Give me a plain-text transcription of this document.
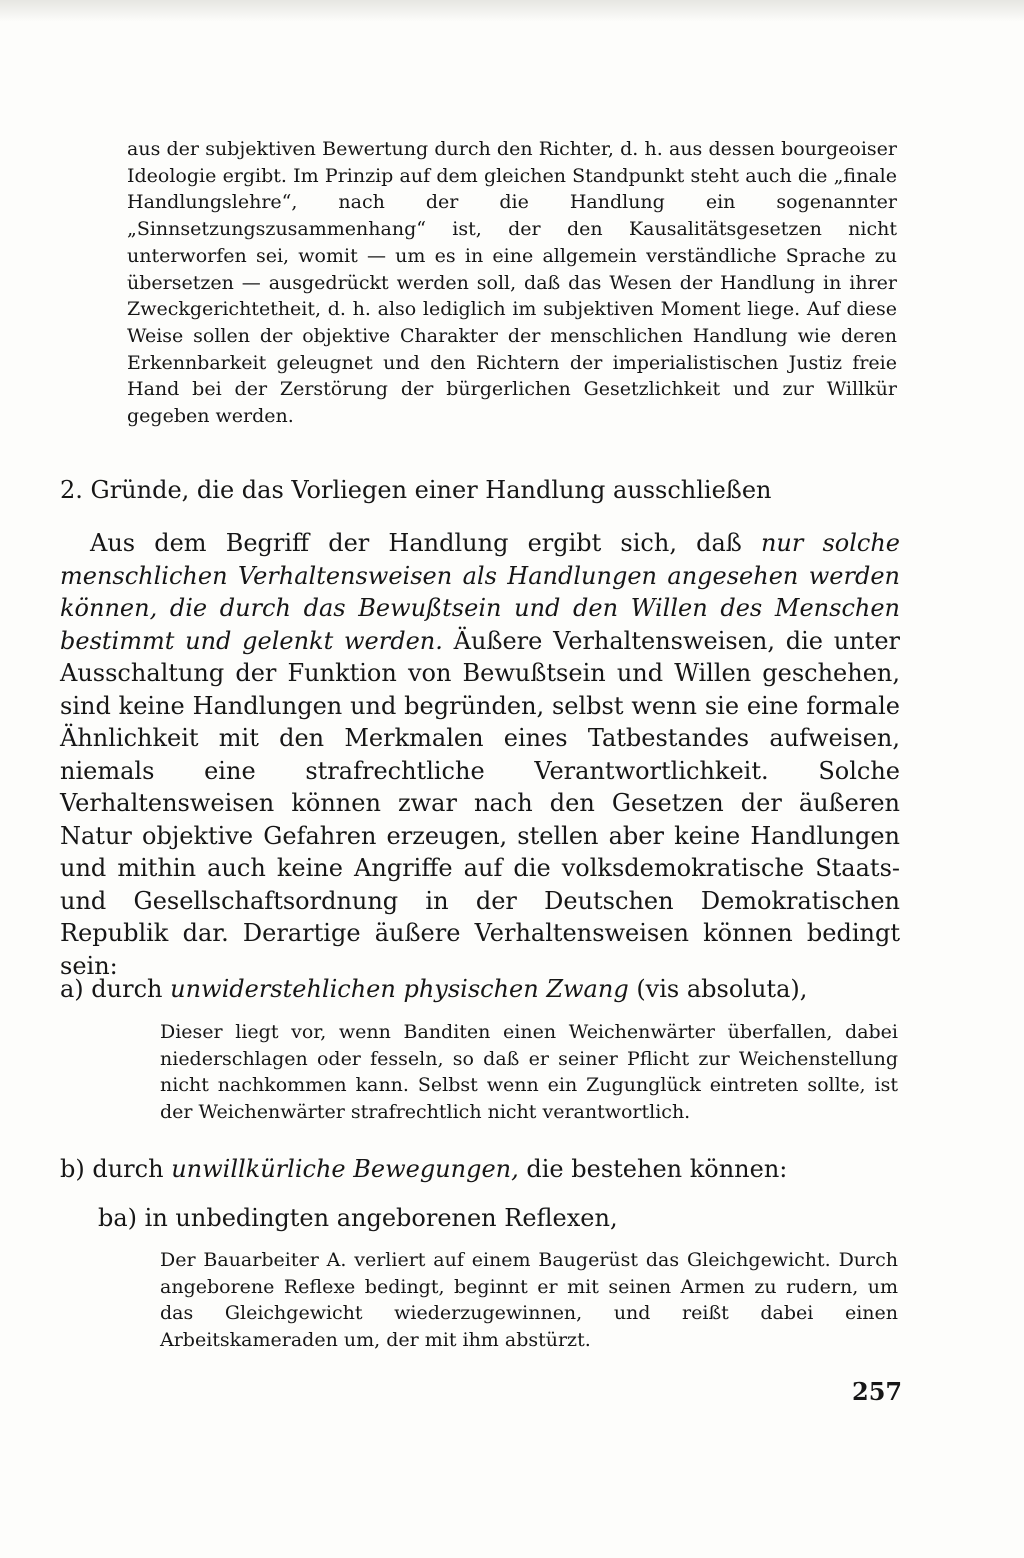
aus der subjektiven Bewertung durch den Richter, d. h. aus dessen bourgeoiser Ideologie ergibt. Im Prinzip auf dem gleichen Standpunkt steht auch die „finale Handlungslehre“, nach der die Handlung ein sogenannter „Sinnsetzungszusammenhang“ ist, der den Kausalitätsgesetzen nicht unterworfen sei, womit — um es in eine allgemein verständliche Sprache zu übersetzen — ausgedrückt werden soll, daß das Wesen der Handlung in ihrer Zweckgerichtetheit, d. h. also lediglich im subjektiven Moment liege. Auf diese Weise sollen der objektive Charakter der menschlichen Handlung wie deren Erkennbarkeit geleugnet und den Richtern der imperialistischen Justiz freie Hand bei der Zerstörung der bürgerlichen Gesetzlichkeit und zur Willkür gegeben werden.

2. Gründe, die das Vorliegen einer Handlung ausschließen

Aus dem Begriff der Handlung ergibt sich, daß nur solche menschlichen Verhaltensweisen als Handlungen angesehen werden können, die durch das Bewußtsein und den Willen des Menschen bestimmt und gelenkt werden. Äußere Verhaltensweisen, die unter Ausschaltung der Funktion von Bewußtsein und Willen geschehen, sind keine Handlungen und begründen, selbst wenn sie eine formale Ähnlichkeit mit den Merkmalen eines Tatbestandes aufweisen, niemals eine strafrechtliche Verantwortlichkeit. Solche Verhaltensweisen können zwar nach den Gesetzen der äußeren Natur objektive Gefahren erzeugen, stellen aber keine Handlungen und mithin auch keine Angriffe auf die volksdemokratische Staats- und Gesellschaftsordnung in der Deutschen Demokratischen Republik dar. Derartige äußere Verhaltensweisen können bedingt sein:

a) durch unwiderstehlichen physischen Zwang (vis absoluta),

Dieser liegt vor, wenn Banditen einen Weichenwärter überfallen, dabei niederschlagen oder fesseln, so daß er seiner Pflicht zur Weichenstellung nicht nachkommen kann. Selbst wenn ein Zugunglück eintreten sollte, ist der Weichenwärter strafrechtlich nicht verantwortlich.

b) durch unwillkürliche Bewegungen, die bestehen können:
ba) in unbedingten angeborenen Reflexen,

Der Bauarbeiter A. verliert auf einem Baugerüst das Gleichgewicht. Durch angeborene Reflexe bedingt, beginnt er mit seinen Armen zu rudern, um das Gleichgewicht wiederzugewinnen, und reißt dabei einen Arbeitskameraden um, der mit ihm abstürzt.

257
